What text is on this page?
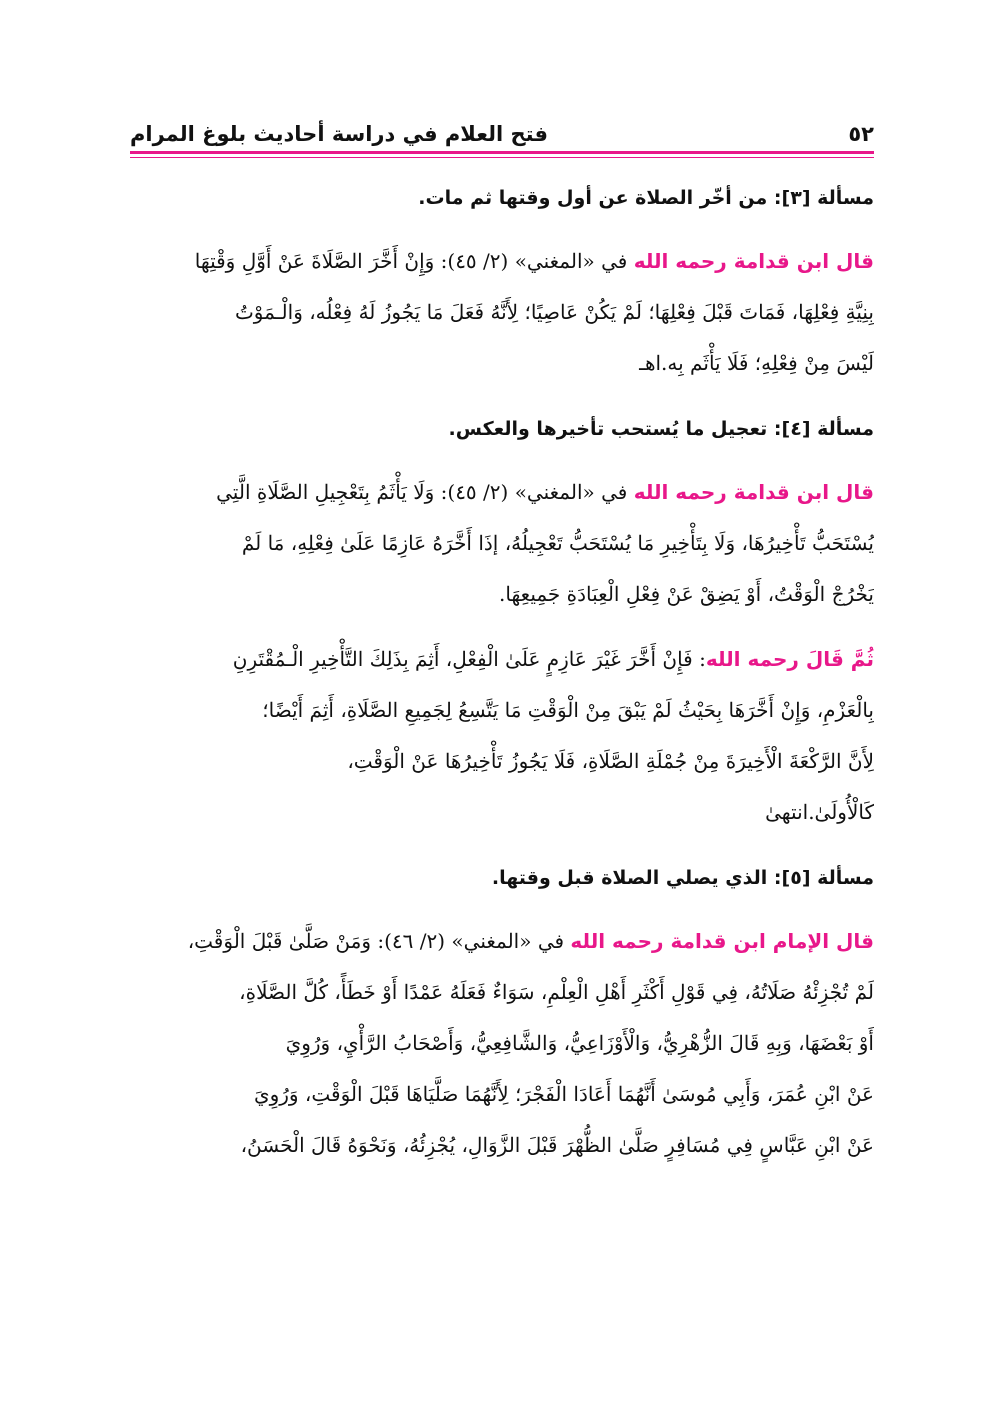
فتح العلام في دراسة أحاديث بلوغ المرام	٥٢

مسألة [٣]: من أخّر الصلاة عن أول وقتها ثم مات.

قال ابن قدامة رحمه الله في «المغني» (٢/ ٤٥): وَإِنْ أَخَّرَ الصَّلَاةَ عَنْ أَوَّلِ وَقْتِهَا
بِنِيَّةِ فِعْلِهَا، فَمَاتَ قَبْلَ فِعْلِهَا؛ لَمْ يَكُنْ عَاصِيًا؛ لِأَنَّهُ فَعَلَ مَا يَجُوزُ لَهُ فِعْلُه، وَالْـمَوْتُ
لَيْسَ مِنْ فِعْلِهِ؛ فَلَا يَأْثَم بِه.اهـ

مسألة [٤]: تعجيل ما يُستحب تأخيرها والعكس.

قال ابن قدامة رحمه الله في «المغني» (٢/ ٤٥): وَلَا يَأْثَمُ بِتَعْجِيلِ الصَّلَاةِ الَّتِي
يُسْتَحَبُّ تَأْخِيرُهَا، وَلَا بِتَأْخِيرِ مَا يُسْتَحَبُّ تَعْجِيلُهُ، إذَا أَخَّرَهُ عَازِمًا عَلَىٰ فِعْلِهِ، مَا لَمْ
يَخْرُجْ الْوَقْتُ، أَوْ يَضِقْ عَنْ فِعْلِ الْعِبَادَةِ جَمِيعِهَا.

ثُمَّ قَالَ رحمه الله: فَإِنْ أَخَّرَ غَيْرَ عَازِمٍ عَلَىٰ الْفِعْلِ، أَثِمَ بِذَلِكَ التَّأْخِيرِ الْـمُقْتَرِنِ
بِالْعَزْمِ، وَإِنْ أَخَّرَهَا بِحَيْثُ لَمْ يَبْقَ مِنْ الْوَقْتِ مَا يَتَّسِعُ لِجَمِيعِ الصَّلَاةِ، أَثِمَ أَيْضًا؛
لِأَنَّ الرَّكْعَةَ الْأَخِيرَةَ مِنْ جُمْلَةِ الصَّلَاةِ، فَلَا يَجُوزُ تَأْخِيرُهَا عَنْ الْوَقْتِ،
كَالْأُولَىٰ.انتهىٰ

مسألة [٥]: الذي يصلي الصلاة قبل وقتها.

قال الإمام ابن قدامة رحمه الله في «المغني» (٢/ ٤٦): وَمَنْ صَلَّىٰ قَبْلَ الْوَقْتِ،
لَمْ تُجْزِئْهُ صَلَاتُهُ، فِي قَوْلِ أَكْثَرِ أَهْلِ الْعِلْمِ، سَوَاءٌ فَعَلَهُ عَمْدًا أَوْ خَطَأً، كُلَّ الصَّلَاةِ،
أَوْ بَعْضَهَا، وَبِهِ قَالَ الزُّهْرِيُّ، وَالْأَوْزَاعِيُّ، وَالشَّافِعِيُّ، وَأَصْحَابُ الرَّأْيِ، وَرُوِيَ
عَنْ ابْنِ عُمَرَ، وَأَبِي مُوسَىٰ أَنَّهُمَا أَعَادَا الْفَجْرَ؛ لِأَنَّهُمَا صَلَّيَاهَا قَبْلَ الْوَقْتِ، وَرُوِيَ
عَنْ ابْنِ عَبَّاسٍ فِي مُسَافِرٍ صَلَّىٰ الظُّهْرَ قَبْلَ الزَّوَالِ، يُجْزِئُهُ، وَنَحْوَهُ قَالَ الْحَسَنُ،
